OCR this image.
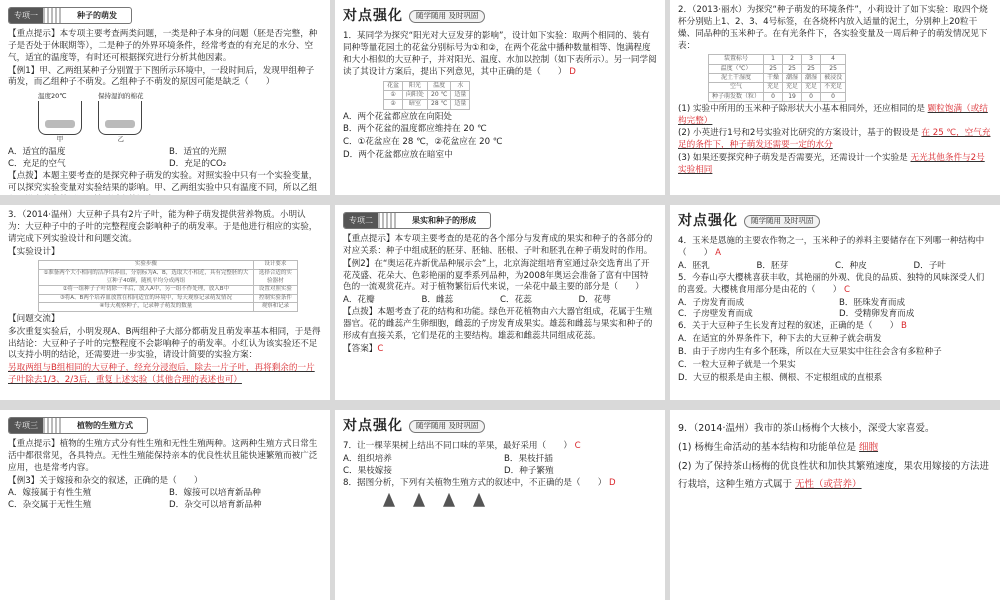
专项一	种子的萌发

【重点提示】本专项主要考查两类问题，一类是种子本身的问题（胚是否完整，种子是否处于休眠期等），二是种子的外界环境条件，经常考查的有充足的水分、空气，适宜的温度等，有时还可根据探究进行分析其他因素。

【例1】甲、乙两组某种子分别置于下图所示环境中，一段时间后，发现甲组种子萌发，而乙组种子不萌发。乙组种子不萌发的原因可能是缺乏（　　）

温度20℃
甲
保持湿润的棉花
乙
A．适宜的温度	B．适宜的光照
C．充足的空气	D．充足的CO₂

【点拨】本题主要考查的是探究种子萌发的实验。对照实验中只有一个实验变量，可以探究实验变量对实验结果的影响。甲、乙两组实验中只有温度不同，所以乙组

对点强化	随学随用 及时巩固

1．某同学为探究“阳光对大豆发芽的影响”，设计如下实验：取两个相同的、装有同种等量花园土的花盆分别标号为①和②，在两个花盆中播种数量相等、饱满程度和大小相似的大豆种子，并对阳光、温度、水加以控制（如下表所示）。另一同学阅读了其设计方案后，提出下列意见，其中正确的是（　　） D

花盆	阳光	温度	水
①	向阳处	20 ℃	适量
②	暗室	28 ℃	适量

A．两个花盆都应放在向阳处

B．两个花盆的温度都应维持在 20 ℃

C．①花盆应在 28 ℃，②花盆应在 20 ℃

D．两个花盆都应放在暗室中

2．（2013·丽水）为探究“种子萌发的环境条件”，小莉设计了如下实验：取四个烧杯分别贴上1、2、3、4号标签，在各烧杯内放入适量的泥土，分别种上20粒干燥、同品种的玉米种子。在有光条件下，各实验变量及一周后种子的萌发情况见下表：

装置标号	1	2	3	4
温度（℃）	25	25	25	25
泥土干湿度	干燥	潮湿	潮湿	被浸没
空气	充足	充足	充足	不充足
种子萌发数（粒）	0	19	0	0

(1) 实验中所用的玉米种子除形状大小基本相同外，还应相同的是 颗粒饱满（或结构完整）

(2) 小英进行1号和2号实验对比研究的方案设计，基于的假设是 在 25 ℃，空气充足的条件下，种子萌发还需要一定的水分

(3) 如果还要探究种子萌发是否需要光，还需设计一个实验是 无光其他条件与2号实验相同

3．（2014·温州）大豆种子具有2片子叶，能为种子萌发提供营养物质。小明认为：大豆种子中的子叶的完整程度会影响种子的萌发率。于是他进行相应的实验，请完成下列实验设计和问题交流。

【实验设计】

实验步骤	设计要求
①准备两个大小相同的洁净培养皿，分别标为A、B，选取大小相近，具有完整胚的大豆种子40颗，随机平均分成两组	选择合适的实验器材
②将一组种子子叶切除一半后，放入A中，另一组不作处理，放入B中	设置对照实验
③将A、B两个培养皿放置在相同适宜的环境中，每天观察记录萌发情况	控制实验条件
④每天观察种子，记录种子萌发的数量	观察和记录

【问题交流】

多次重复实验后，小明发现A、B两组种子大部分都萌发且萌发率基本相同，于是得出结论：大豆种子子叶的完整程度不会影响种子的萌发率。小红认为该实验还不足以支持小明的结论，还需要进一步实验，请设计简要的实验方案：

另取两组与B组相同的大豆种子，经充分浸泡后，除去一片子叶，再将剩余的一片子叶除去1/3、2/3后，重复上述实验（其他合理的表述也可）

专项二	果实和种子的形成

【重点提示】本专项主要考查的是花的各个部分与发育成的果实和种子的各部分的对应关系：种子中组成胚的胚芽、胚轴、胚根、子叶和胚乳在种子萌发时的作用。

【例2】在“奥运花卉新优品种展示会”上，北京海淀组培育室通过杂交选育出了开花茂盛、花朵大、色彩艳丽的夏季系列品种，为2008年奥运会准备了富有中国特色的一流观赏花卉。对于植物繁衍后代来说，一朵花中最主要的部分是（　　）

A．花瓣	B．雌蕊	C．花蕊	D．花萼

【点拨】本题考查了花的结构和功能。绿色开花植物由六大器官组成，花属于生殖器官。花的雌蕊产生卵细胞，雌蕊的子房发育成果实。雄蕊和雌蕊与果实和种子的形成有直接关系，它们是花的主要结构。雄蕊和雌蕊共同组成花蕊。

【答案】C

对点强化	随学随用 及时巩固

4．玉米是恩施的主要农作物之一，玉米种子的养料主要储存在下列哪一种结构中（　　） A

A．胚乳	B．胚芽	C．种皮	D．子叶

5．今春山亭大樱桃喜获丰收，其艳丽的外观、优良的品质、独特的风味深受人们的喜爱。大樱桃食用部分是由花的（　　） C

A．子房发育而成	B．胚珠发育而成
C．子房壁发育而成	D．受精卵发育而成

6．关于大豆种子生长发育过程的叙述，正确的是（　　） B

A．在适宜的外界条件下，种下去的大豆种子就会萌发

B．由于子房内生有多个胚珠，所以在大豆果实中往往会含有多粒种子

C．一粒大豆种子就是一个果实

D．大豆的根系是由主根、侧根、不定根组成的直根系

专项三	植物的生殖方式

【重点提示】植物的生殖方式分有性生殖和无性生殖两种。这两种生殖方式日常生活中都很常见，各具特点。无性生殖能保持亲本的优良性状且能快速繁殖而被广泛应用，也是常考内容。

【例3】关于嫁接和杂交的叙述，正确的是（　　）

A．嫁接属于有性生殖	B．嫁接可以培育新品种
C．杂交属于无性生殖	D．杂交可以培育新品种
对点强化	随学随用 及时巩固

7．让一棵苹果树上结出不同口味的苹果，最好采用（　　） C

A．组织培养	B．果枝扦插
C．果枝嫁接	D．种子繁殖

8．据图分析，下列有关植物生殖方式的叙述中，不正确的是（　　） D

9．（2014·温州）我市的茶山杨梅个大核小，深受大家喜爱。

(1) 杨梅生命活动的基本结构和功能单位是 细胞

(2) 为了保持茶山杨梅的优良性状和加快其繁殖速度，果农用嫁接的方法进行栽培，这种生殖方式属于 无性（或营养）
